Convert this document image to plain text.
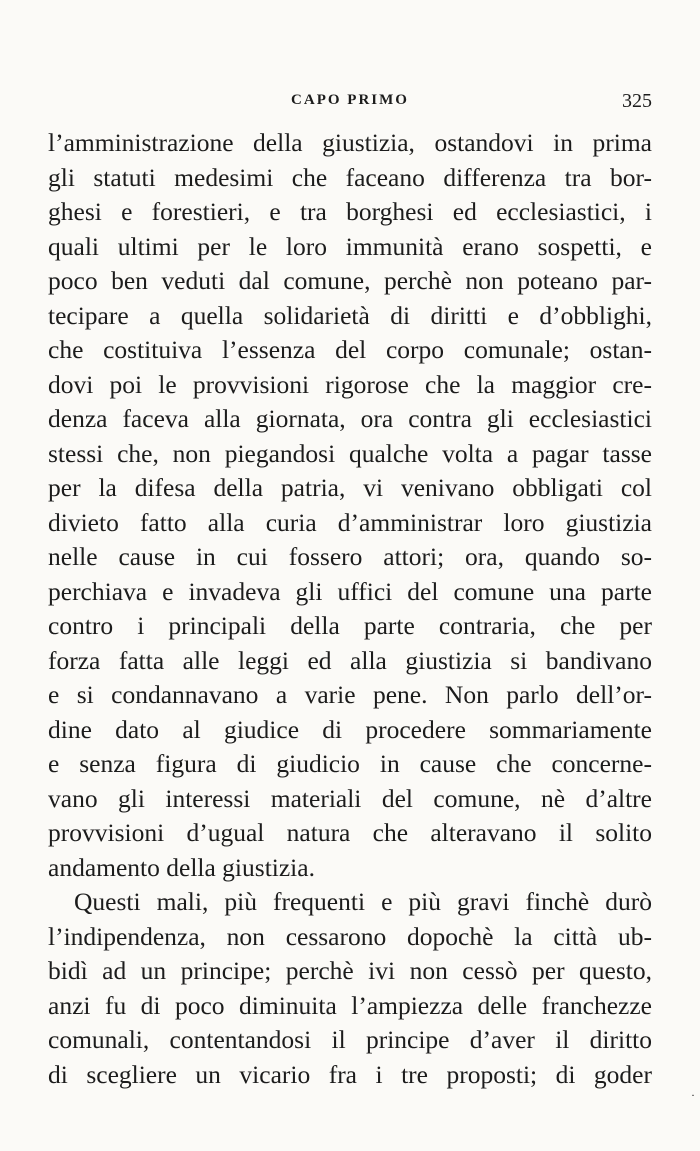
CAPO PRIMO	325
l’amministrazione della giustizia, ostandovi in prima
gli statuti medesimi che faceano differenza tra bor-
ghesi e forestieri, e tra borghesi ed ecclesiastici, i
quali ultimi per le loro immunità erano sospetti, e
poco ben veduti dal comune, perchè non poteano par-
tecipare a quella solidarietà di diritti e d’obblighi,
che costituiva l’essenza del corpo comunale; ostan-
dovi poi le provvisioni rigorose che la maggior cre-
denza faceva alla giornata, ora contra gli ecclesiastici
stessi che, non piegandosi qualche volta a pagar tasse
per la difesa della patria, vi venivano obbligati col
divieto fatto alla curia d’amministrar loro giustizia
nelle cause in cui fossero attori; ora, quando so-
perchiava e invadeva gli uffici del comune una parte
contro i principali della parte contraria, che per
forza fatta alle leggi ed alla giustizia si bandivano
e si condannavano a varie pene. Non parlo dell’or-
dine dato al giudice di procedere sommariamente
e senza figura di giudicio in cause che concerne-
vano gli interessi materiali del comune, nè d’altre
provvisioni d’ugual natura che alteravano il solito
andamento della giustizia.
Questi mali, più frequenti e più gravi finchè durò
l’indipendenza, non cessarono dopochè la città ub-
bidì ad un principe; perchè ivi non cessò per questo,
anzi fu di poco diminuita l’ampiezza delle franchezze
comunali, contentandosi il principe d’aver il diritto
di scegliere un vicario fra i tre proposti; di goder
·
